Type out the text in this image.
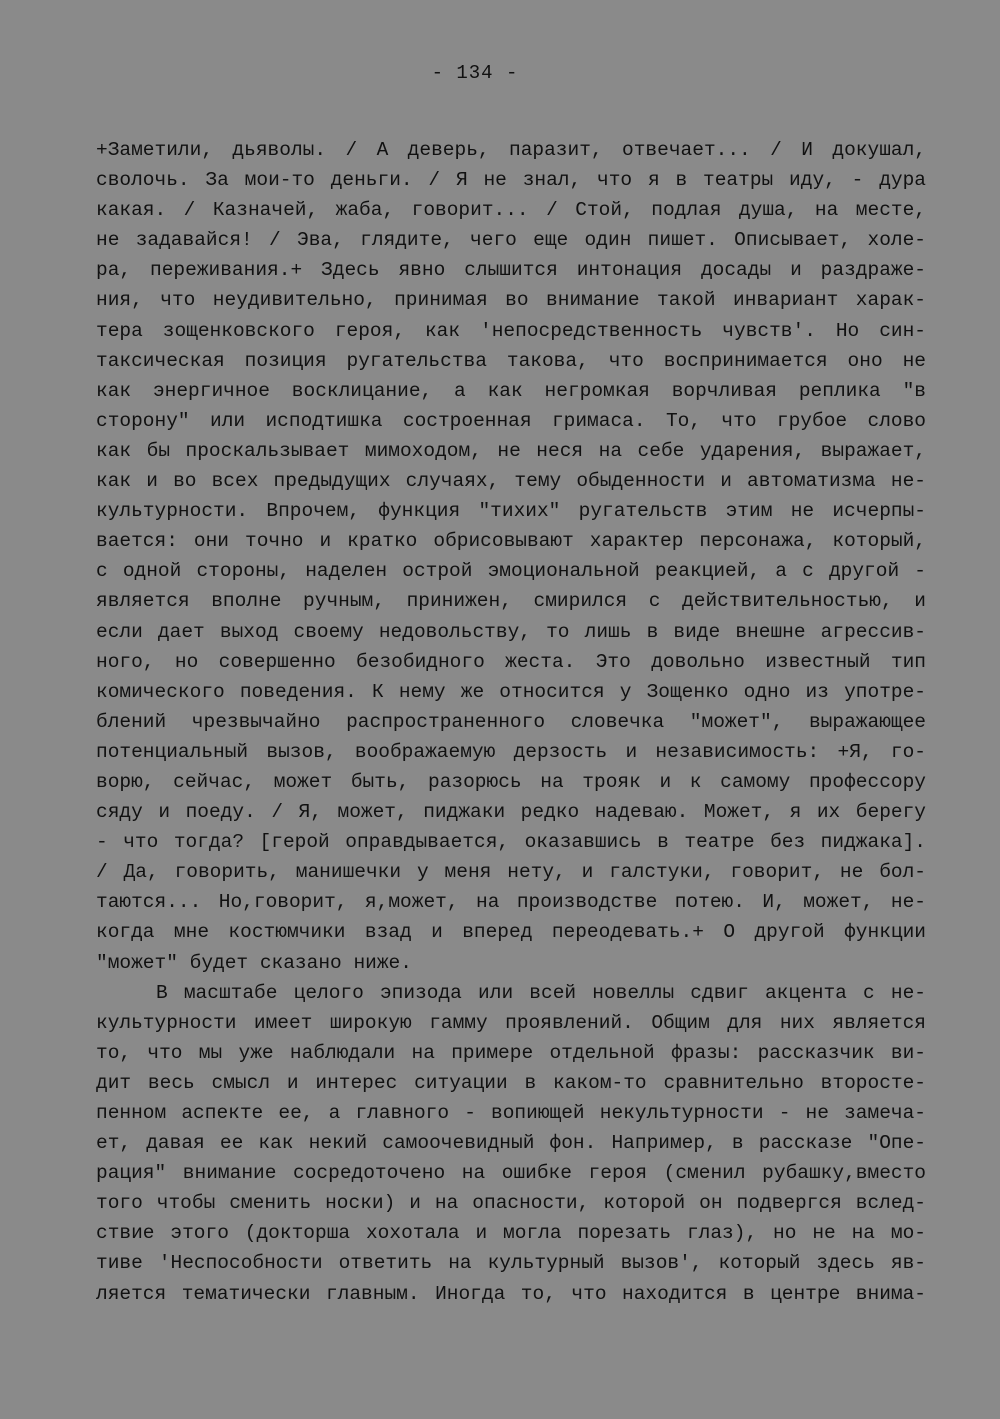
- 134 -
+Заметили, дьяволы. / А деверь, паразит, отвечает... / И докушал,
сволочь. За мои-то деньги. / Я не знал, что я в театры иду, - дура
какая. / Казначей, жаба, говорит... / Стой, подлая душа, на месте,
не задавайся! / Эва, глядите, чего еще один пишет. Описывает, холе-
ра, переживания.+ Здесь явно слышится интонация досады и раздраже-
ния, что неудивительно, принимая во внимание такой инвариант харак-
тера зощенковского героя, как 'непосредственность чувств'. Но син-
таксическая позиция ругательства такова, что воспринимается оно не
как энергичное восклицание, а как негромкая ворчливая реплика "в
сторону" или исподтишка состроенная гримаса. То, что грубое слово
как бы проскальзывает мимоходом, не неся на себе ударения, выражает,
как и во всех предыдущих случаях, тему обыденности и автоматизма не-
культурности. Впрочем, функция "тихих" ругательств этим не исчерпы-
вается: они точно и кратко обрисовывают характер персонажа, который,
с одной стороны, наделен острой эмоциональной реакцией, а с другой -
является вполне ручным, принижен, смирился с действительностью, и
если дает выход своему недовольству, то лишь в виде внешне агрессив-
ного, но совершенно безобидного жеста. Это довольно известный тип
комического поведения. К нему же относится у Зощенко одно из употре-
блений чрезвычайно распространенного словечка "может", выражающее
потенциальный вызов, воображаемую дерзость и независимость: +Я, го-
ворю, сейчас, может быть, разорюсь на трояк и к самому профессору
сяду и поеду. / Я, может, пиджаки редко надеваю. Может, я их берегу
- что тогда? [герой оправдывается, оказавшись в театре без пиджака].
/ Да, говорить, манишечки у меня нету, и галстуки, говорит, не бол-
таются... Но,говорит, я,может, на производстве потею. И, может, не-
когда мне костюмчики взад и вперед переодевать.+ О другой функции
"может" будет сказано ниже.
В масштабе целого эпизода или всей новеллы сдвиг акцента с не-
культурности имеет широкую гамму проявлений. Общим для них является
то, что мы уже наблюдали на примере отдельной фразы: рассказчик ви-
дит весь смысл и интерес ситуации в каком-то сравнительно второсте-
пенном аспекте ее, а главного - вопиющей некультурности - не замеча-
ет, давая ее как некий самоочевидный фон. Например, в рассказе "Опе-
рация" внимание сосредоточено на ошибке героя (сменил рубашку,вместо
того чтобы сменить носки) и на опасности, которой он подвергся вслед-
ствие этого (докторша хохотала и могла порезать глаз), но не на мо-
тиве 'Неспособности ответить на культурный вызов', который здесь яв-
ляется тематически главным. Иногда то, что находится в центре внима-
